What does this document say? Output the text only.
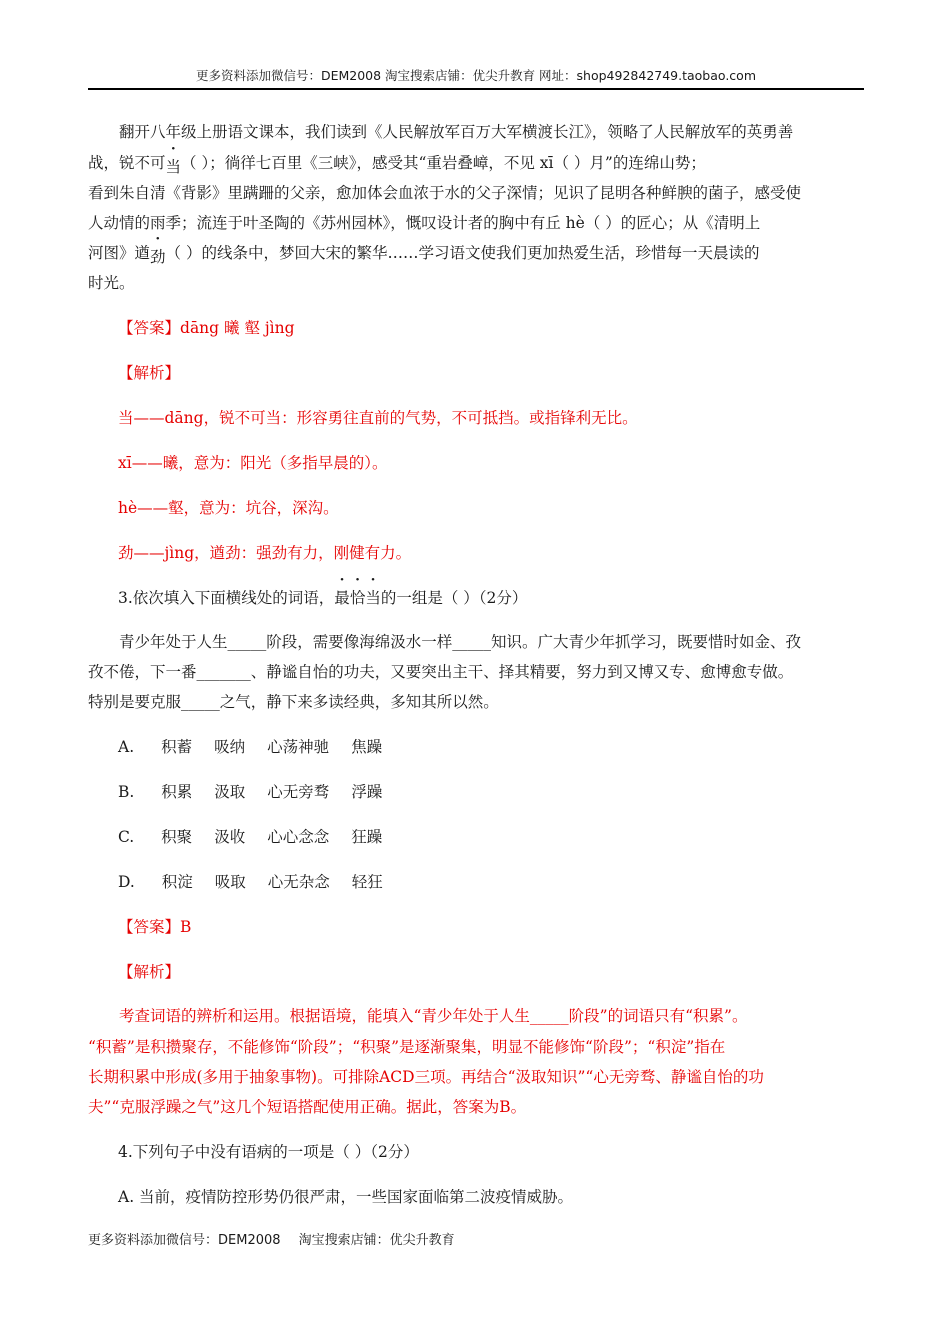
更多资料添加微信号：DEM2008 淘宝搜索店铺：优尖升教育 网址：shop492842749.taobao.com

翻开八年级上册语文课本，我们读到《人民解放军百万大军横渡长江》，领略了人民解放军的英勇善

战，锐不可当（ ）；徜徉七百里《三峡》，感受其“重岩叠嶂，不见 xī（ ）月”的连绵山势；

看到朱自清《背影》里蹒跚的父亲，愈加体会血浓于水的父子深情；见识了昆明各种鲜腴的菌子，感受使

人动情的雨季；流连于叶圣陶的《苏州园林》，慨叹设计者的胸中有丘 hè（ ）的匠心；从《清明上

河图》遒劲（ ）的线条中，梦回大宋的繁华……学习语文使我们更加热爱生活，珍惜每一天晨读的

时光。

【答案】dāng 曦 壑 jìng

【解析】

当——dāng，锐不可当：形容勇往直前的气势，不可抵挡。或指锋利无比。

xī——曦，意为：阳光（多指早晨的）。

hè——壑，意为：坑谷，深沟。

劲——jìng，遒劲：强劲有力，刚健有力。

3.依次填入下面横线处的词语，最恰当的一组是（ ）（2分）

青少年处于人生_____阶段，需要像海绵汲水一样_____知识。广大青少年抓学习，既要惜时如金、孜

孜不倦，下一番_______、静谧自怡的功夫，又要突出主干、择其精要，努力到又博又专、愈博愈专做。

特别是要克服_____之气，静下来多读经典，多知其所以然。

A. 积蓄 吸纳 心荡神驰 焦躁

B. 积累 汲取 心无旁骛 浮躁

C. 积聚 汲收 心心念念 狂躁

D. 积淀 吸取 心无杂念 轻狂

【答案】B

【解析】

考查词语的辨析和运用。根据语境，能填入“青少年处于人生_____阶段”的词语只有“积累”。

“积蓄”是积攒聚存，不能修饰“阶段”；“积聚”是逐渐聚集，明显不能修饰“阶段”；“积淀”指在

长期积累中形成(多用于抽象事物)。可排除ACD三项。再结合“汲取知识”“心无旁骛、静谧自怡的功

夫”“克服浮躁之气”这几个短语搭配使用正确。据此，答案为B。

4.下列句子中没有语病的一项是（ ）（2分）

A. 当前，疫情防控形势仍很严肃，一些国家面临第二波疫情威胁。

更多资料添加微信号：DEM2008 淘宝搜索店铺：优尖升教育
